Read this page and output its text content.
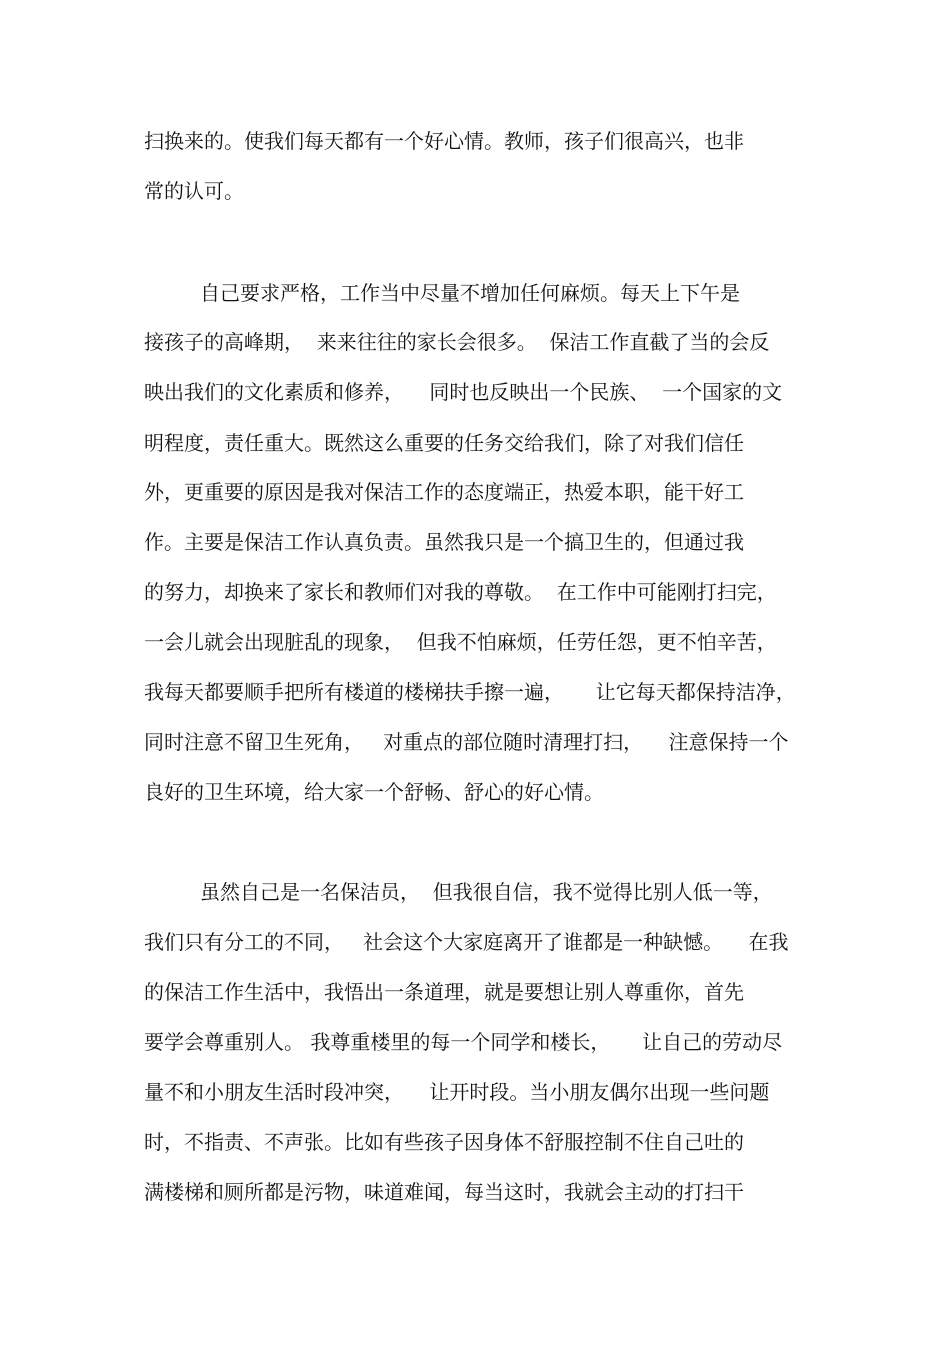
扫换来的。使我们每天都有一个好心情。教师，孩子们很高兴，也非
常的认可。
自己要求严格，工作当中尽量不增加任何麻烦。每天上下午是
接孩子的高峰期，  来来往往的家长会很多。  保洁工作直截了当的会反
映出我们的文化素质和修养，    同时也反映出一个民族、  一个国家的文
明程度，责任重大。既然这么重要的任务交给我们，除了对我们信任
外，更重要的原因是我对保洁工作的态度端正，热爱本职，能干好工
作。主要是保洁工作认真负责。虽然我只是一个搞卫生的，但通过我
的努力，却换来了家长和教师们对我的尊敬。  在工作中可能刚打扫完，
一会儿就会出现脏乱的现象，  但我不怕麻烦，任劳任怨，更不怕辛苦，
我每天都要顺手把所有楼道的楼梯扶手擦一遍，     让它每天都保持洁净，
同时注意不留卫生死角，   对重点的部位随时清理打扫，    注意保持一个
良好的卫生环境，给大家一个舒畅、舒心的好心情。
虽然自己是一名保洁员，  但我很自信，我不觉得比别人低一等，
我们只有分工的不同，   社会这个大家庭离开了谁都是一种缺憾。    在我
的保洁工作生活中，我悟出一条道理，就是要想让别人尊重你，首先
要学会尊重别人。 我尊重楼里的每一个同学和楼长，     让自己的劳动尽
量不和小朋友生活时段冲突，    让开时段。当小朋友偶尔出现一些问题
时，不指责、不声张。比如有些孩子因身体不舒服控制不住自己吐的
满楼梯和厕所都是污物，味道难闻，每当这时，我就会主动的打扫干
